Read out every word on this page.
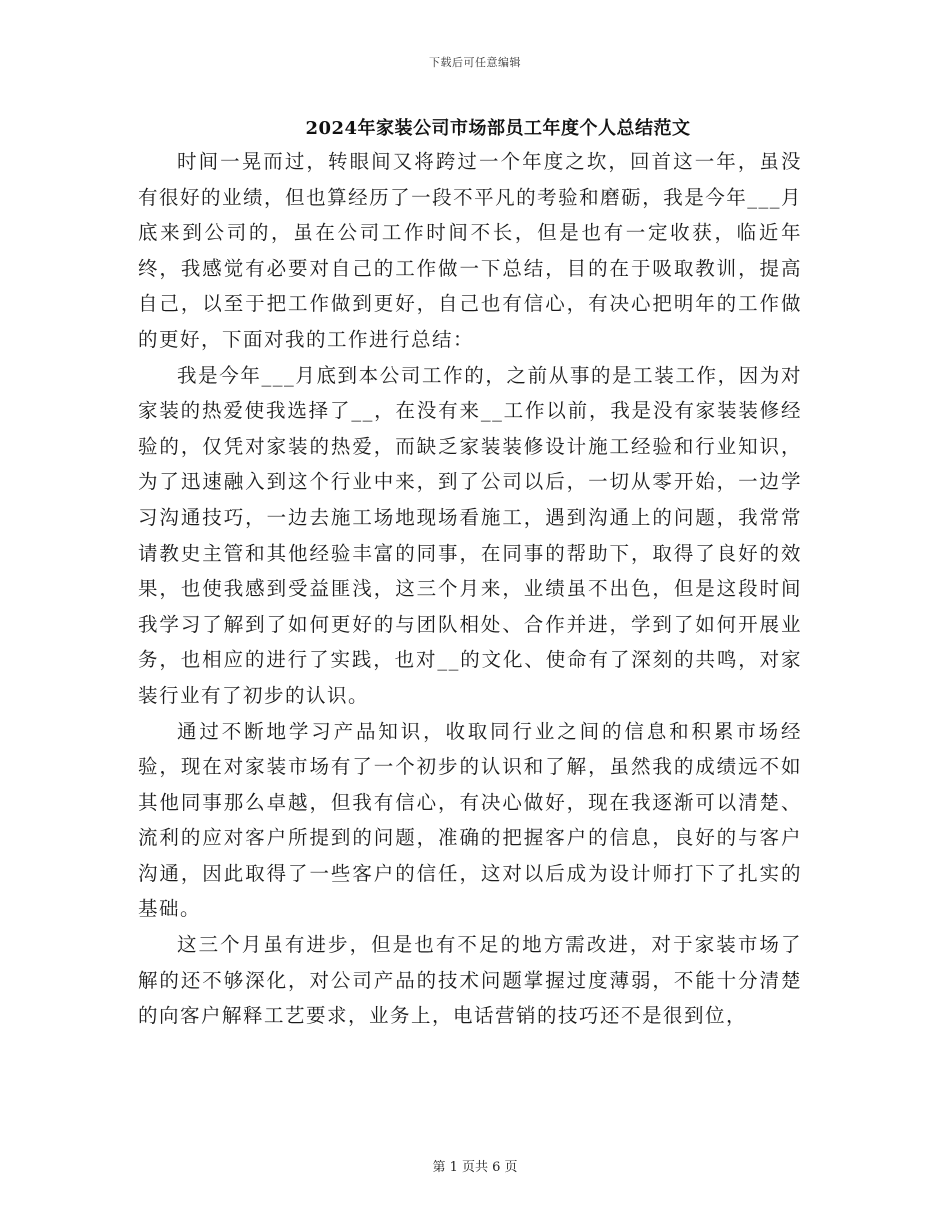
下载后可任意编辑
2024年家装公司市场部员工年度个人总结范文

时间一晃而过，转眼间又将跨过一个年度之坎，回首这一年，虽没有很好的业绩，但也算经历了一段不平凡的考验和磨砺，我是今年___月底来到公司的，虽在公司工作时间不长，但是也有一定收获，临近年终，我感觉有必要对自己的工作做一下总结，目的在于吸取教训，提高自己，以至于把工作做到更好，自己也有信心，有决心把明年的工作做的更好，下面对我的工作进行总结：

我是今年___月底到本公司工作的，之前从事的是工装工作，因为对家装的热爱使我选择了__，在没有来__工作以前，我是没有家装装修经验的，仅凭对家装的热爱，而缺乏家装装修设计施工经验和行业知识，为了迅速融入到这个行业中来，到了公司以后，一切从零开始，一边学习沟通技巧，一边去施工场地现场看施工，遇到沟通上的问题，我常常请教史主管和其他经验丰富的同事，在同事的帮助下，取得了良好的效果，也使我感到受益匪浅，这三个月来，业绩虽不出色，但是这段时间我学习了解到了如何更好的与团队相处、合作并进，学到了如何开展业务，也相应的进行了实践，也对__的文化、使命有了深刻的共鸣，对家装行业有了初步的认识。

通过不断地学习产品知识，收取同行业之间的信息和积累市场经验，现在对家装市场有了一个初步的认识和了解，虽然我的成绩远不如其他同事那么卓越，但我有信心，有决心做好，现在我逐渐可以清楚、流利的应对客户所提到的问题，准确的把握客户的信息，良好的与客户沟通，因此取得了一些客户的信任，这对以后成为设计师打下了扎实的基础。

这三个月虽有进步，但是也有不足的地方需改进，对于家装市场了解的还不够深化，对公司产品的技术问题掌握过度薄弱，不能十分清楚的向客户解释工艺要求，业务上，电话营销的技巧还不是很到位，

第 1 页共 6 页
